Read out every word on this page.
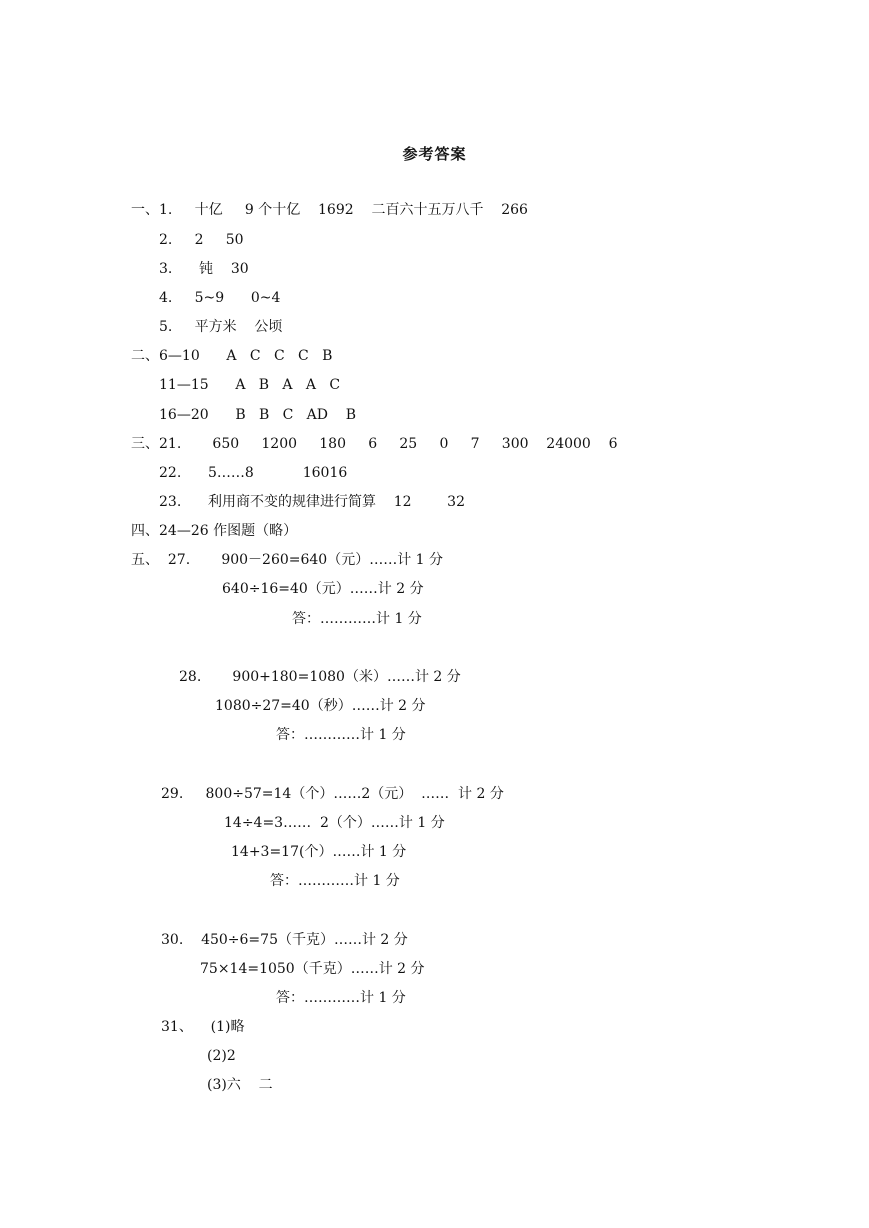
参考答案
一、1.     十亿     9 个十亿    1692    二百六十五万八千    266
2.     2     50
3.      钝    30
4.     5~9      0~4
5.     平方米    公顷
二、6—10      A   C   C   C   B
11—15      A   B   A   A   C
16—20      B   B   C   AD    B
三、21.       650     1200     180     6     25     0     7     300    24000    6
22.      5……8           16016
23.      利用商不变的规律进行简算    12        32
四、24—26 作图题（略）
五、  27.       900－260=640（元）……计 1 分
640÷16=40（元）……计 2 分
答：…………计 1 分
28.       900+180=1080（米）……计 2 分
1080÷27=40（秒）……计 2 分
答：…………计 1 分
29.     800÷57=14（个）……2（元）  ……  计 2 分
14÷4=3……  2（个）……计 1 分
14+3=17(个）……计 1 分
答：…………计 1 分
30.    450÷6=75（千克）……计 2 分
75×14=1050（千克）……计 2 分
答：…………计 1 分
31、    (1)略
(2)2
(3)六    二
